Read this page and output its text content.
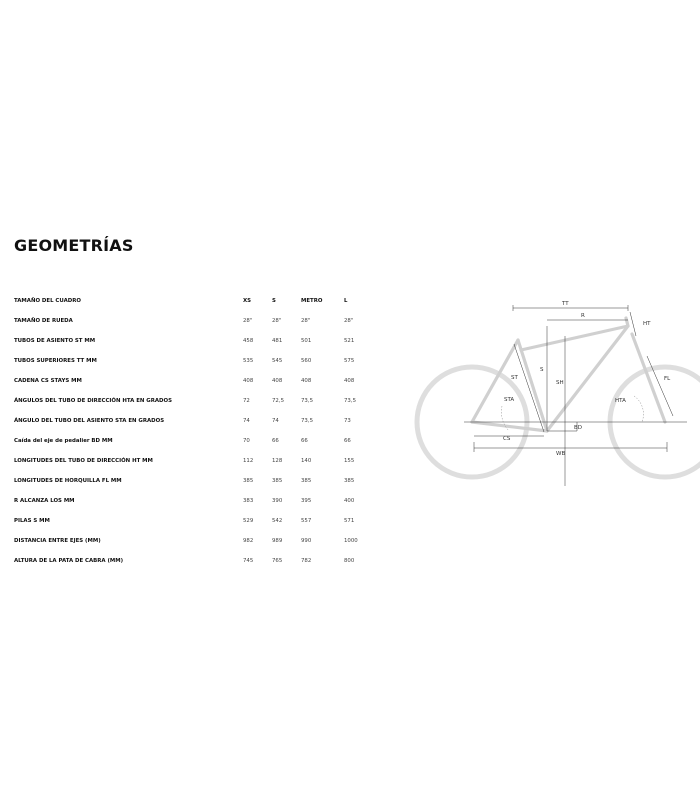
GEOMETRÍAS
TAMAÑO DEL CUADRO	XS	S	METRO	L
TAMAÑO DE RUEDA	28"	28"	28"	28"
TUBOS DE ASIENTO ST MM	458	481	501	521
TUBOS SUPERIORES TT MM	535	545	560	575
CADENA CS STAYS MM	408	408	408	408
ÁNGULOS DEL TUBO DE DIRECCIÓN HTA EN GRADOS	72	72,5	73,5	73,5
ÁNGULO DEL TUBO DEL ASIENTO STA EN GRADOS	74	74	73,5	73
Caída del eje de pedalier BD MM	70	66	66	66
LONGITUDES DEL TUBO DE DIRECCIÓN HT MM	112	128	140	155
LONGITUDES DE HORQUILLA FL MM	385	385	385	385
R ALCANZA LOS MM	383	390	395	400
PILAS S MM	529	542	557	571
DISTANCIA ENTRE EJES (MM)	982	989	990	1000
ALTURA DE LA PATA DE CABRA (MM)	745	765	782	800
TT
R
HT
S
SH
ST	FL
STA	HTA
BD
CS
WB
